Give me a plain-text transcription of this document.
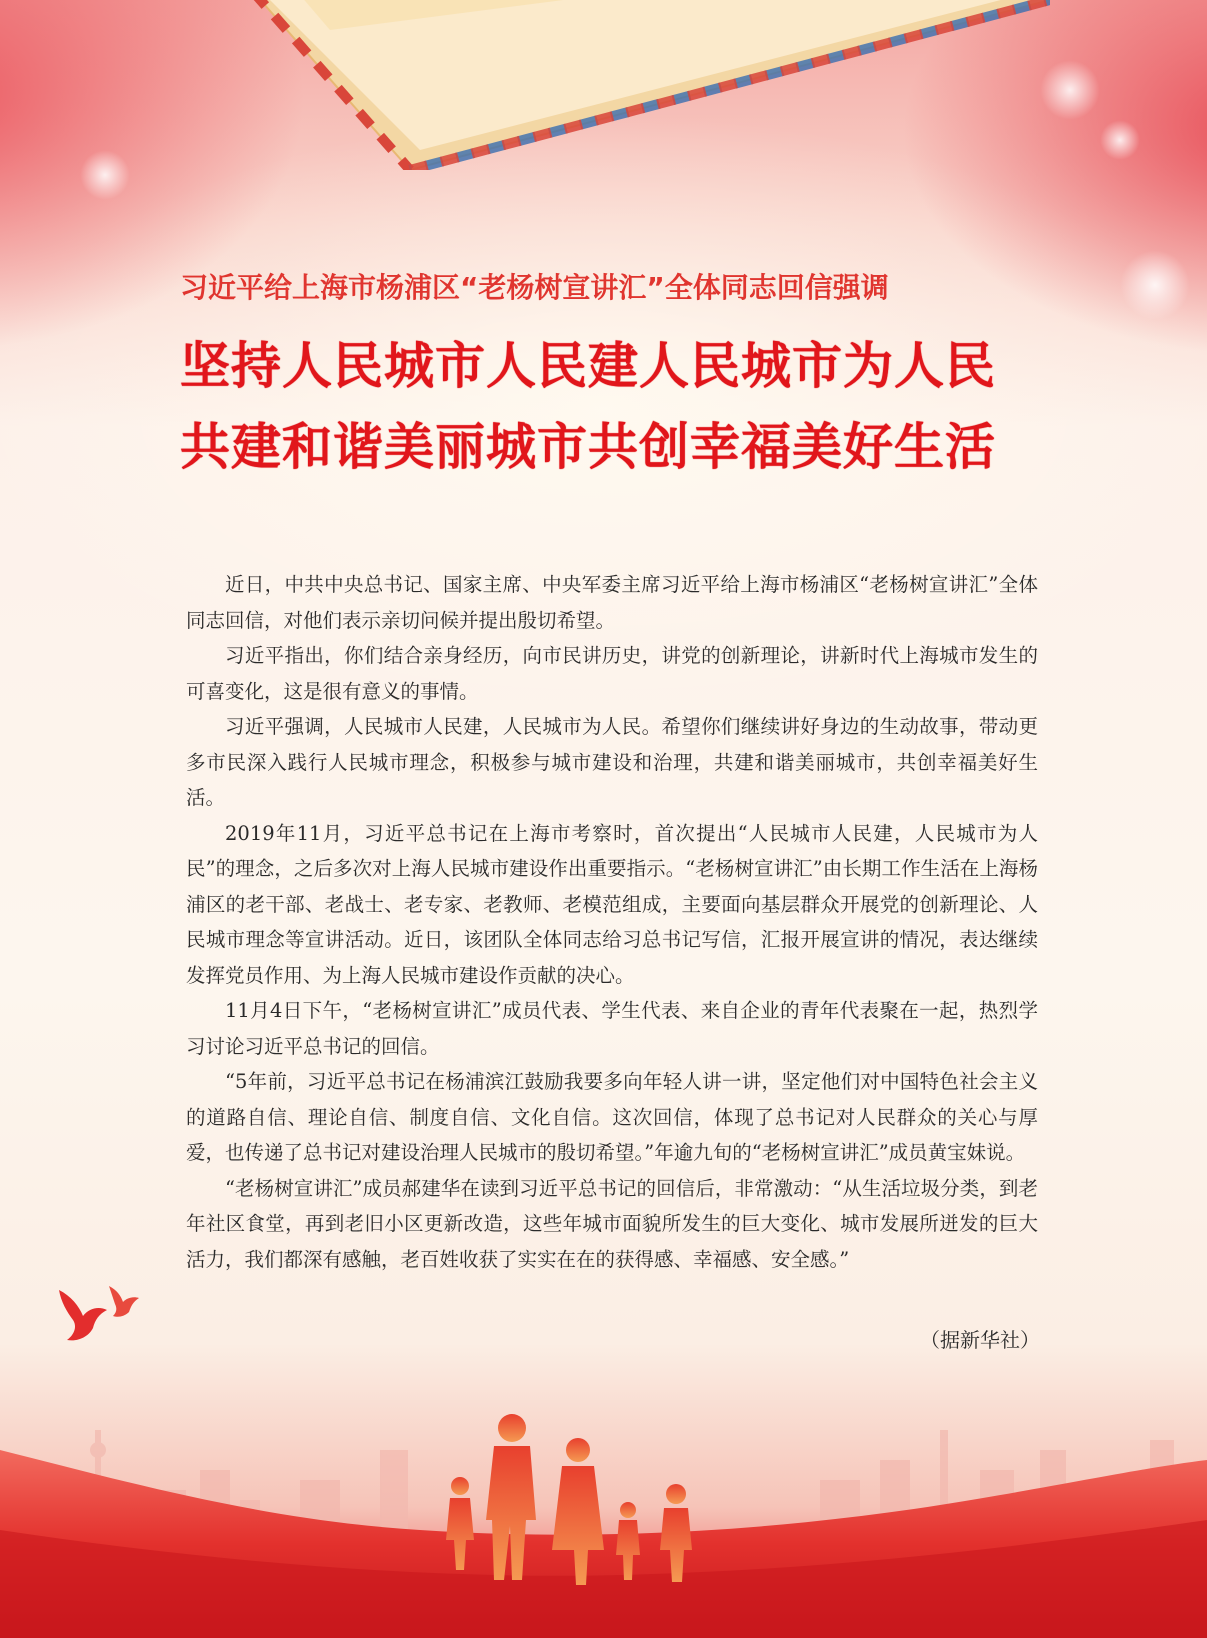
习近平给上海市杨浦区“老杨树宣讲汇”全体同志回信强调
坚持人民城市人民建人民城市为人民
共建和谐美丽城市共创幸福美好生活

近日，中共中央总书记、国家主席、中央军委主席习近平给上海市杨浦区“老杨树宣讲汇”全体同志回信，对他们表示亲切问候并提出殷切希望。

习近平指出，你们结合亲身经历，向市民讲历史，讲党的创新理论，讲新时代上海城市发生的可喜变化，这是很有意义的事情。

习近平强调，人民城市人民建，人民城市为人民。希望你们继续讲好身边的生动故事，带动更多市民深入践行人民城市理念，积极参与城市建设和治理，共建和谐美丽城市，共创幸福美好生活。

2019年11月，习近平总书记在上海市考察时，首次提出“人民城市人民建，人民城市为人民”的理念，之后多次对上海人民城市建设作出重要指示。“老杨树宣讲汇”由长期工作生活在上海杨浦区的老干部、老战士、老专家、老教师、老模范组成，主要面向基层群众开展党的创新理论、人民城市理念等宣讲活动。近日，该团队全体同志给习总书记写信，汇报开展宣讲的情况，表达继续发挥党员作用、为上海人民城市建设作贡献的决心。

11月4日下午，“老杨树宣讲汇”成员代表、学生代表、来自企业的青年代表聚在一起，热烈学习讨论习近平总书记的回信。

“5年前，习近平总书记在杨浦滨江鼓励我要多向年轻人讲一讲，坚定他们对中国特色社会主义的道路自信、理论自信、制度自信、文化自信。这次回信，体现了总书记对人民群众的关心与厚爱，也传递了总书记对建设治理人民城市的殷切希望。”年逾九旬的“老杨树宣讲汇”成员黄宝妹说。

“老杨树宣讲汇”成员郝建华在读到习近平总书记的回信后，非常激动：“从生活垃圾分类，到老年社区食堂，再到老旧小区更新改造，这些年城市面貌所发生的巨大变化、城市发展所迸发的巨大活力，我们都深有感触，老百姓收获了实实在在的获得感、幸福感、安全感。”

（据新华社）
